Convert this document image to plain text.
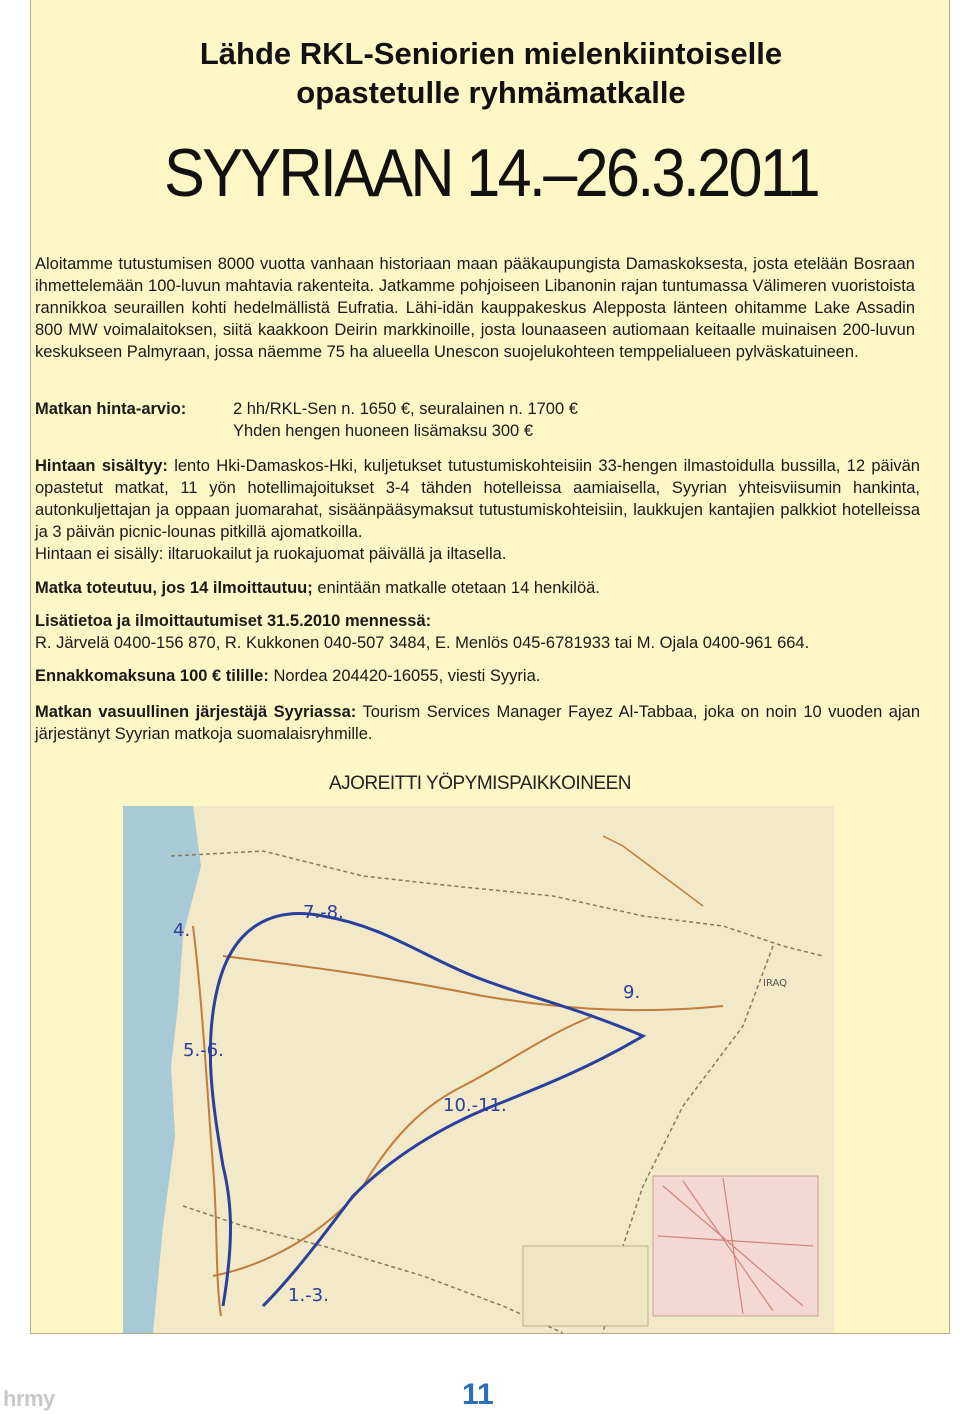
Lähde RKL-Seniorien mielenkiintoiselle
opastetulle ryhmämatkalle
SYYRIAAN 14.–26.3.2011

Aloitamme tutustumisen 8000 vuotta vanhaan historiaan maan pääkaupungista Damaskoksesta, josta etelään Bosraan ihmettelemään 100-luvun mahtavia rakenteita. Jatkamme pohjoiseen Libanonin rajan tuntumassa Välimeren vuoristoista rannikkoa seuraillen kohti hedelmällistä Eufratia. Lähi-idän kauppakeskus Alepposta länteen ohitamme Lake Assadin 800 MW voimalaitoksen, siitä kaakkoon Deirin markkinoille, josta lounaaseen autiomaan keitaalle muinaisen 200-luvun keskukseen Palmyraan, jossa näemme 75 ha alueella Unescon suojelukohteen temppelialueen pylväskatuineen.

Matkan hinta-arvio:	2 hh/RKL-Sen n. 1650 €, seuralainen n. 1700 €
Yhden hengen huoneen lisämaksu 300 €

Hintaan sisältyy: lento Hki-Damaskos-Hki, kuljetukset tutustumiskohteisiin 33-hengen ilmastoidulla bussilla, 12 päivän opastetut matkat, 11 yön hotellimajoitukset 3-4 tähden hotelleissa aamiaisella, Syyrian yhteisviisumin hankinta, autonkuljettajan ja oppaan juomarahat, sisäänpääsymaksut tutustumiskohteisiin, laukkujen kantajien palkkiot hotelleissa ja 3 päivän picnic-lounas pitkillä ajomatkoilla.

Hintaan ei sisälly: iltaruokailut ja ruokajuomat päivällä ja iltasella.

Matka toteutuu, jos 14 ilmoittautuu; enintään matkalle otetaan 14 henkilöä.

Lisätietoa ja ilmoittautumiset 31.5.2010 mennessä:

R. Järvelä 0400-156 870, R. Kukkonen 040-507 3484, E. Menlös 045-6781933 tai M. Ojala 0400-961 664.

Ennakkomaksuna 100 € tilille: Nordea 204420-16055, viesti Syyria.

Matkan vasuullinen järjestäjä Syyriassa: Tourism Services Manager Fayez Al-Tabbaa, joka on noin 10 vuoden ajan järjestänyt Syyrian matkoja suomalaisryhmille.

AJOREITTI YÖPYMISPAIKKOINEEN
4.
7.-8.
5.-6.
9.
10.-11.
1.-3.
IRAQ
hrmy	11
